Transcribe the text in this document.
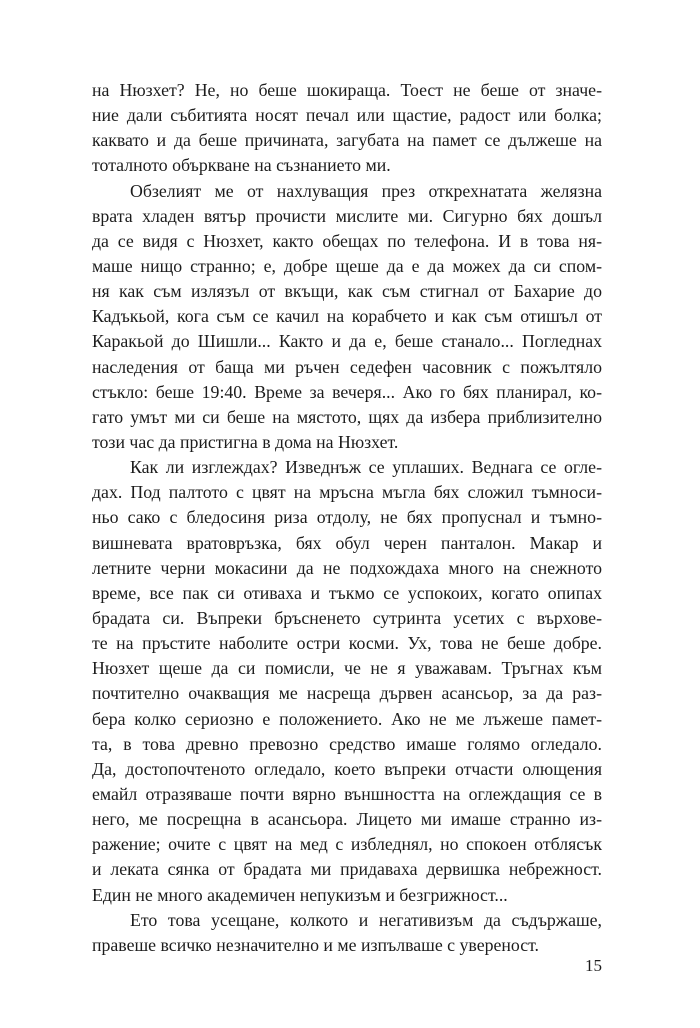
на Нюзхет? Не, но беше шокираща. Тоест не беше от значе-
ние дали събитията носят печал или щастие, радост или болка;
каквато и да беше причината, загубата на памет се дължеше на
тоталното объркване на съзнанието ми.
Обзелият ме от нахлуващия през открехнатата желязна
врата хладен вятър прочисти мислите ми. Сигурно бях дошъл
да се видя с Нюзхет, както обещах по телефона. И в това ня-
маше нищо странно; е, добре щеше да е да можех да си спом-
ня как съм излязъл от вкъщи, как съм стигнал от Бахарие до
Кадъкьой, кога съм се качил на корабчето и как съм отишъл от
Каракьой до Шишли... Както и да е, беше станало... Погледнах
наследения от баща ми ръчен седефен часовник с пожълтяло
стъкло: беше 19:40. Време за вечеря... Ако го бях планирал, ко-
гато умът ми си беше на мястото, щях да избера приблизително
този час да пристигна в дома на Нюзхет.
Как ли изглеждах? Изведнъж се уплаших. Веднага се огле-
дах. Под палтото с цвят на мръсна мъгла бях сложил тъмноси-
ньо сако с бледосиня риза отдолу, не бях пропуснал и тъмно-
вишневата вратовръзка, бях обул черен панталон. Макар и
летните черни мокасини да не подхождаха много на снежното
време, все пак си отиваха и тъкмо се успокоих, когато опипах
брадата си. Въпреки бръсненето сутринта усетих с върхове-
те на пръстите наболите остри косми. Ух, това не беше добре.
Нюзхет щеше да си помисли, че не я уважавам. Тръгнах към
почтително очакващия ме насреща дървен асансьор, за да раз-
бера колко сериозно е положението. Ако не ме лъжеше памет-
та, в това древно превозно средство имаше голямо огледало.
Да, достопочтеното огледало, което въпреки отчасти олющения
емайл отразяваше почти вярно външността на оглеждащия се в
него, ме посрещна в асансьора. Лицето ми имаше странно из-
ражение; очите с цвят на мед с избледнял, но спокоен отблясък
и леката сянка от брадата ми придаваха дервишка небрежност.
Един не много академичен непукизъм и безгрижност...
Ето това усещане, колкото и негативизъм да съдържаше,
правеше всичко незначително и ме изпълваше с увереност.
15
